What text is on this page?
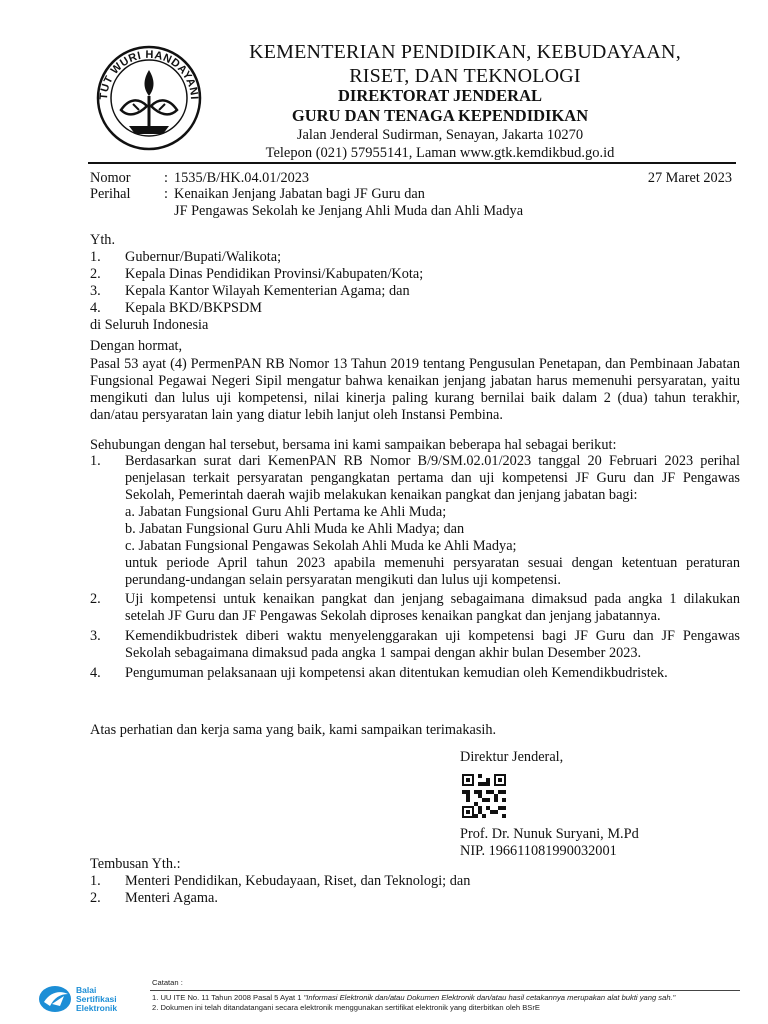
TUT WURI HANDAYANI
KEMENTERIAN PENDIDIKAN, KEBUDAYAAN,
RISET, DAN TEKNOLOGI
DIREKTORAT JENDERAL
GURU DAN TENAGA KEPENDIDIKAN
Jalan Jenderal Sudirman, Senayan, Jakarta 10270
Telepon (021) 57955141, Laman www.gtk.kemdikbud.go.id
Nomor : 1535/B/HK.04.01/2023	27 Maret 2023
Perihal : Kenaikan Jenjang Jabatan bagi JF Guru dan
JF Pengawas Sekolah ke Jenjang Ahli Muda dan Ahli Madya
Yth.
1.	Gubernur/Bupati/Walikota;
2.	Kepala Dinas Pendidikan Provinsi/Kabupaten/Kota;
3.	Kepala Kantor Wilayah Kementerian Agama; dan
4.	Kepala BKD/BKPSDM
di Seluruh Indonesia
Dengan hormat,
Pasal 53 ayat (4) PermenPAN RB Nomor 13 Tahun 2019 tentang Pengusulan Penetapan, dan Pembinaan Jabatan Fungsional Pegawai Negeri Sipil mengatur bahwa kenaikan jenjang jabatan harus memenuhi persyaratan, yaitu mengikuti dan lulus uji kompetensi, nilai kinerja paling kurang bernilai baik dalam 2 (dua) tahun terakhir, dan/atau persyaratan lain yang diatur lebih lanjut oleh Instansi Pembina.
Sehubungan dengan hal tersebut, bersama ini kami sampaikan beberapa hal sebagai berikut:
1.	Berdasarkan surat dari KemenPAN RB Nomor B/9/SM.02.01/2023 tanggal 20 Februari 2023 perihal penjelasan terkait persyaratan pengangkatan pertama dan uji kompetensi JF Guru dan JF Pengawas Sekolah, Pemerintah daerah wajib melakukan kenaikan pangkat dan jenjang jabatan bagi:
a. Jabatan Fungsional Guru Ahli Pertama ke Ahli Muda;
b. Jabatan Fungsional Guru Ahli Muda ke Ahli Madya; dan
c. Jabatan Fungsional Pengawas Sekolah Ahli Muda ke Ahli Madya;
untuk periode April tahun 2023 apabila memenuhi persyaratan sesuai dengan ketentuan peraturan perundang-undangan selain persyaratan mengikuti dan lulus uji kompetensi.
2.	Uji kompetensi untuk kenaikan pangkat dan jenjang sebagaimana dimaksud pada angka 1 dilakukan setelah JF Guru dan JF Pengawas Sekolah diproses kenaikan pangkat dan jenjang jabatannya.
3.	Kemendikbudristek diberi waktu menyelenggarakan uji kompetensi bagi JF Guru dan JF Pengawas Sekolah sebagaimana dimaksud pada angka 1 sampai dengan akhir bulan Desember 2023.
4.	Pengumuman pelaksanaan uji kompetensi akan ditentukan kemudian oleh Kemendikbudristek.
Atas perhatian dan kerja sama yang baik, kami sampaikan terimakasih.
Direktur Jenderal,
Prof. Dr. Nunuk Suryani, M.Pd
NIP. 196611081990032001
Tembusan Yth.:
1.	Menteri Pendidikan, Kebudayaan, Riset, dan Teknologi; dan
2.	Menteri Agama.
Balai
Sertifikasi
Elektronik
Catatan :
1. UU ITE No. 11 Tahun 2008 Pasal 5 Ayat 1 "Informasi Elektronik dan/atau Dokumen Elektronik dan/atau hasil cetakannya merupakan alat bukti yang sah."
2. Dokumen ini telah ditandatangani secara elektronik menggunakan sertifikat elektronik yang diterbitkan oleh BSrE
